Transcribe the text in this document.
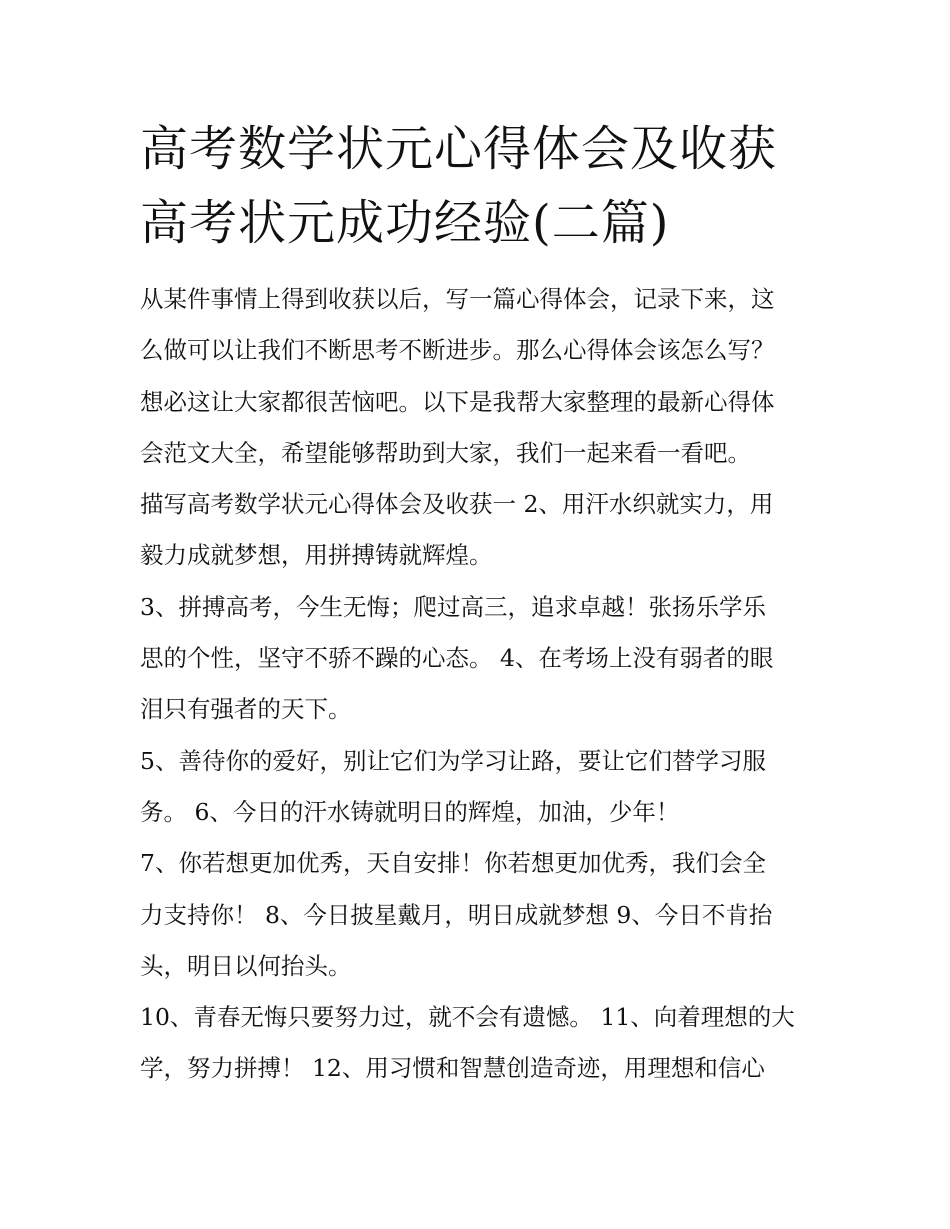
高考数学状元心得体会及收获
高考状元成功经验(二篇)
从某件事情上得到收获以后，写一篇心得体会，记录下来，这
么做可以让我们不断思考不断进步。那么心得体会该怎么写？
想必这让大家都很苦恼吧。以下是我帮大家整理的最新心得体
会范文大全，希望能够帮助到大家，我们一起来看一看吧。
描写高考数学状元心得体会及收获一 2、用汗水织就实力，用
毅力成就梦想，用拼搏铸就辉煌。
3、拼搏高考，今生无悔；爬过高三，追求卓越！张扬乐学乐
思的个性，坚守不骄不躁的心态。 4、在考场上没有弱者的眼
泪只有强者的天下。
5、善待你的爱好，别让它们为学习让路，要让它们替学习服
务。 6、今日的汗水铸就明日的辉煌，加油，少年！
7、你若想更加优秀，天自安排！你若想更加优秀，我们会全
力支持你！ 8、今日披星戴月，明日成就梦想 9、今日不肯抬
头，明日以何抬头。
10、青春无悔只要努力过，就不会有遗憾。 11、向着理想的大
学，努力拼搏！ 12、用习惯和智慧创造奇迹，用理想和信心
